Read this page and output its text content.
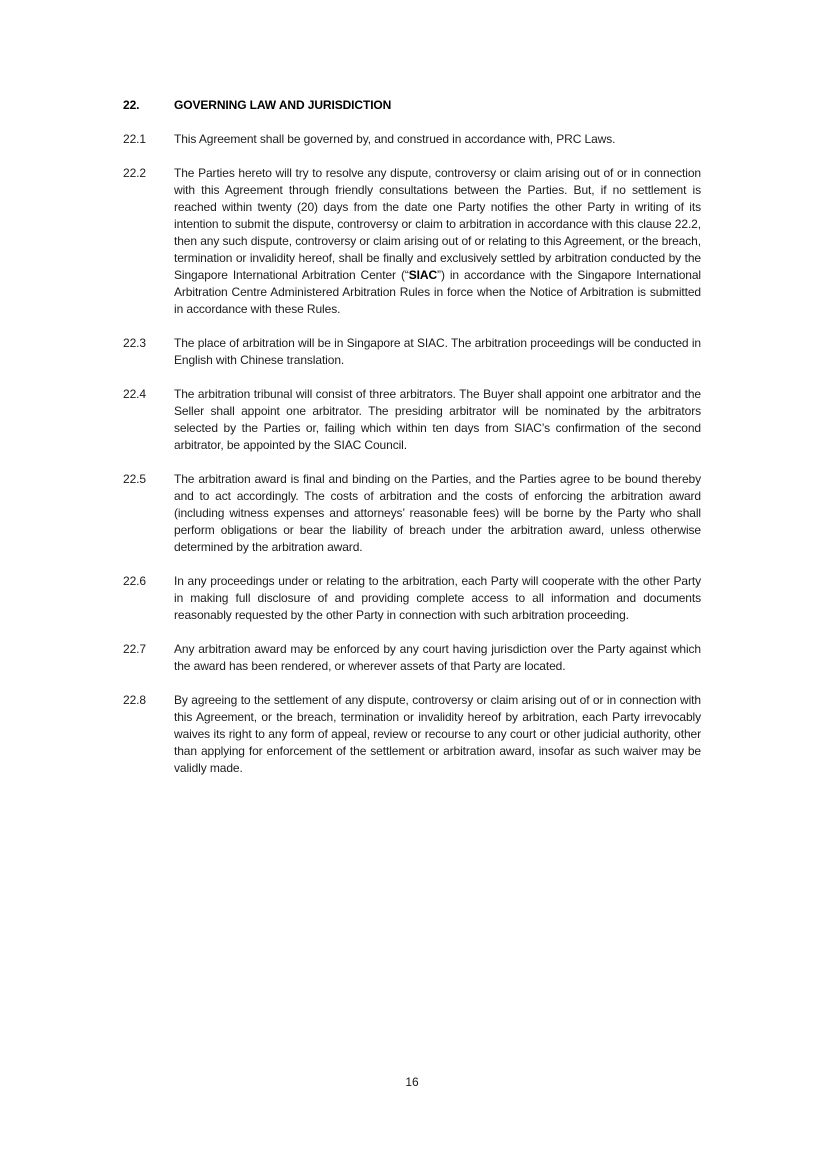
22.	GOVERNING LAW AND JURISDICTION

22.1	This Agreement shall be governed by, and construed in accordance with, PRC Laws.

22.2	The Parties hereto will try to resolve any dispute, controversy or claim arising out of or in connection with this Agreement through friendly consultations between the Parties. But, if no settlement is reached within twenty (20) days from the date one Party notifies the other Party in writing of its intention to submit the dispute, controversy or claim to arbitration in accordance with this clause 22.2, then any such dispute, controversy or claim arising out of or relating to this Agreement, or the breach, termination or invalidity hereof, shall be finally and exclusively settled by arbitration conducted by the Singapore International Arbitration Center (“SIAC”) in accordance with the Singapore International Arbitration Centre Administered Arbitration Rules in force when the Notice of Arbitration is submitted in accordance with these Rules.

22.3	The place of arbitration will be in Singapore at SIAC. The arbitration proceedings will be conducted in English with Chinese translation.

22.4	The arbitration tribunal will consist of three arbitrators. The Buyer shall appoint one arbitrator and the Seller shall appoint one arbitrator. The presiding arbitrator will be nominated by the arbitrators selected by the Parties or, failing which within ten days from SIAC’s confirmation of the second arbitrator, be appointed by the SIAC Council.

22.5	The arbitration award is final and binding on the Parties, and the Parties agree to be bound thereby and to act accordingly. The costs of arbitration and the costs of enforcing the arbitration award (including witness expenses and attorneys’ reasonable fees) will be borne by the Party who shall perform obligations or bear the liability of breach under the arbitration award, unless otherwise determined by the arbitration award.

22.6	In any proceedings under or relating to the arbitration, each Party will cooperate with the other Party in making full disclosure of and providing complete access to all information and documents reasonably requested by the other Party in connection with such arbitration proceeding.

22.7	Any arbitration award may be enforced by any court having jurisdiction over the Party against which the award has been rendered, or wherever assets of that Party are located.

22.8	By agreeing to the settlement of any dispute, controversy or claim arising out of or in connection with this Agreement, or the breach, termination or invalidity hereof by arbitration, each Party irrevocably waives its right to any form of appeal, review or recourse to any court or other judicial authority, other than applying for enforcement of the settlement or arbitration award, insofar as such waiver may be validly made.

16
